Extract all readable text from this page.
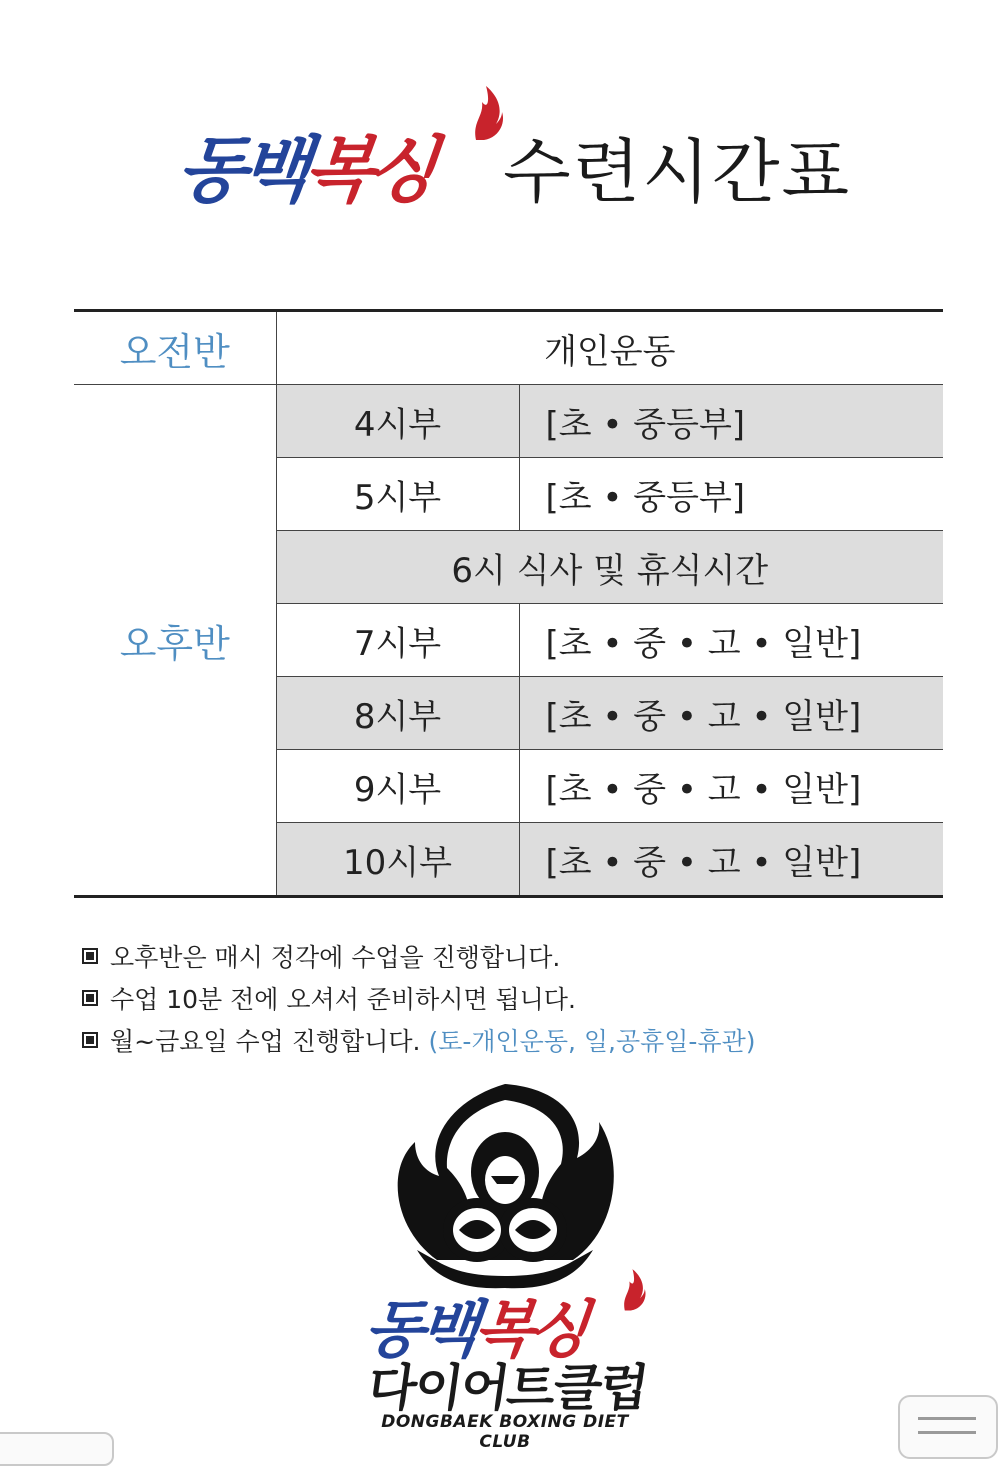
동백복싱 수련시간표
오전반	개인운동	
오후반	4시부	[초 • 중등부]
	5시부	[초 • 중등부]
	6시 식사 및 휴식시간	
	7시부	[초 • 중 • 고 • 일반]
	8시부	[초 • 중 • 고 • 일반]
	9시부	[초 • 중 • 고 • 일반]
	10시부	[초 • 중 • 고 • 일반]
오후반은 매시 정각에 수업을 진행합니다.
수업 10분 전에 오셔서 준비하시면 됩니다.
월~금요일 수업 진행합니다. (토-개인운동, 일,공휴일-휴관)
동백복싱
다이어트클럽
DONGBAEK BOXING DIET CLUB
